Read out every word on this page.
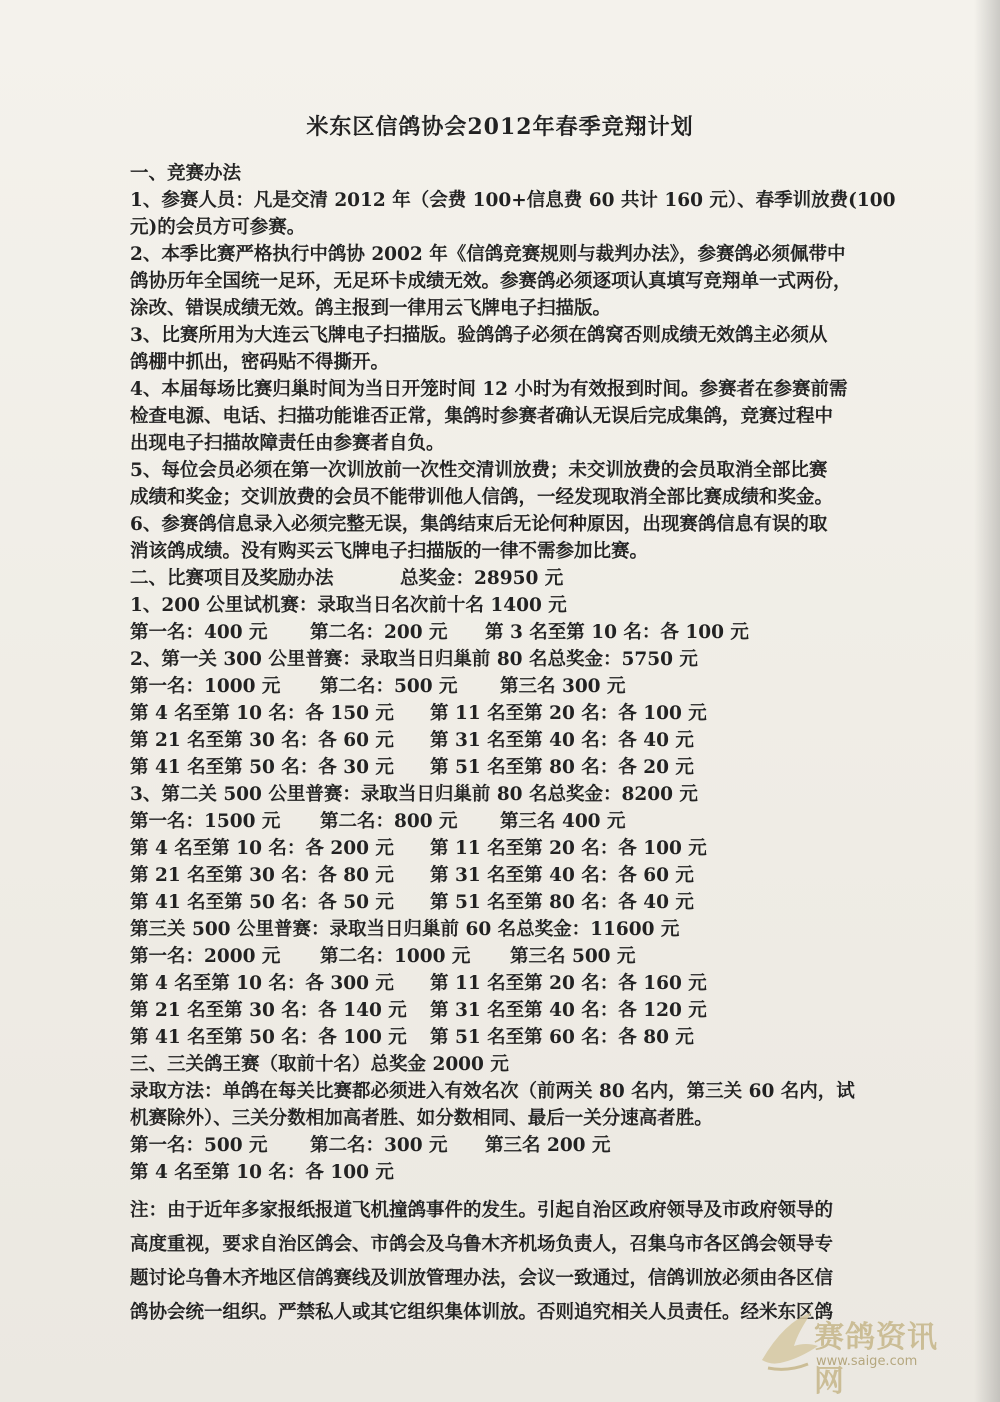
米东区信鸽协会2012年春季竞翔计划
一、竞赛办法
1、参赛人员：凡是交清 2012 年（会费 100+信息费 60 共计 160 元）、春季训放费(100
元)的会员方可参赛。
2、本季比赛严格执行中鸽协 2002 年《信鸽竞赛规则与裁判办法》，参赛鸽必须佩带中
鸽协历年全国统一足环，无足环卡成绩无效。参赛鸽必须逐项认真填写竞翔单一式两份，
涂改、错误成绩无效。鸽主报到一律用云飞牌电子扫描版。
3、比赛所用为大连云飞牌电子扫描版。验鸽鸽子必须在鸽窝否则成绩无效鸽主必须从
鸽棚中抓出，密码贴不得撕开。
4、本届每场比赛归巢时间为当日开笼时间 12 小时为有效报到时间。参赛者在参赛前需
检查电源、电话、扫描功能谁否正常，集鸽时参赛者确认无误后完成集鸽，竞赛过程中
出现电子扫描故障责任由参赛者自负。
5、每位会员必须在第一次训放前一次性交清训放费；未交训放费的会员取消全部比赛
成绩和奖金；交训放费的会员不能带训他人信鸽，一经发现取消全部比赛成绩和奖金。
6、参赛鸽信息录入必须完整无误，集鸽结束后无论何种原因，出现赛鸽信息有误的取
消该鸽成绩。没有购买云飞牌电子扫描版的一律不需参加比赛。
二、比赛项目及奖励办法	总奖金：28950 元
1、200 公里试机赛：录取当日名次前十名 1400 元
第一名：400 元 第二名：200 元 第 3 名至第 10 名：各 100 元
2、第一关 300 公里普赛：录取当日归巢前 80 名总奖金：5750 元
第一名：1000 元 第二名：500 元 第三名 300 元
第 4 名至第 10 名：各 150 元 第 11 名至第 20 名：各 100 元
第 21 名至第 30 名：各 60 元 第 31 名至第 40 名：各 40 元
第 41 名至第 50 名：各 30 元 第 51 名至第 80 名：各 20 元
3、第二关 500 公里普赛：录取当日归巢前 80 名总奖金：8200 元
第一名：1500 元 第二名：800 元 第三名 400 元
第 4 名至第 10 名：各 200 元 第 11 名至第 20 名：各 100 元
第 21 名至第 30 名：各 80 元 第 31 名至第 40 名：各 60 元
第 41 名至第 50 名：各 50 元 第 51 名至第 80 名：各 40 元
第三关 500 公里普赛：录取当日归巢前 60 名总奖金：11600 元
第一名：2000 元 第二名：1000 元 第三名 500 元
第 4 名至第 10 名：各 300 元 第 11 名至第 20 名：各 160 元
第 21 名至第 30 名：各 140 元 第 31 名至第 40 名：各 120 元
第 41 名至第 50 名：各 100 元 第 51 名至第 60 名：各 80 元
三、三关鸽王赛（取前十名）总奖金 2000 元
录取方法：单鸽在每关比赛都必须进入有效名次（前两关 80 名内，第三关 60 名内，试
机赛除外）、三关分数相加高者胜、如分数相同、最后一关分速高者胜。
第一名：500 元 第二名：300 元 第三名 200 元
第 4 名至第 10 名：各 100 元
注：由于近年多家报纸报道飞机撞鸽事件的发生。引起自治区政府领导及市政府领导的
高度重视，要求自治区鸽会、市鸽会及乌鲁木齐机场负责人，召集乌市各区鸽会领导专
题讨论乌鲁木齐地区信鸽赛线及训放管理办法，会议一致通过，信鸽训放必须由各区信
鸽协会统一组织。严禁私人或其它组织集体训放。否则追究相关人员责任。经米东区鸽
赛鸽资讯网
www.saige.com
